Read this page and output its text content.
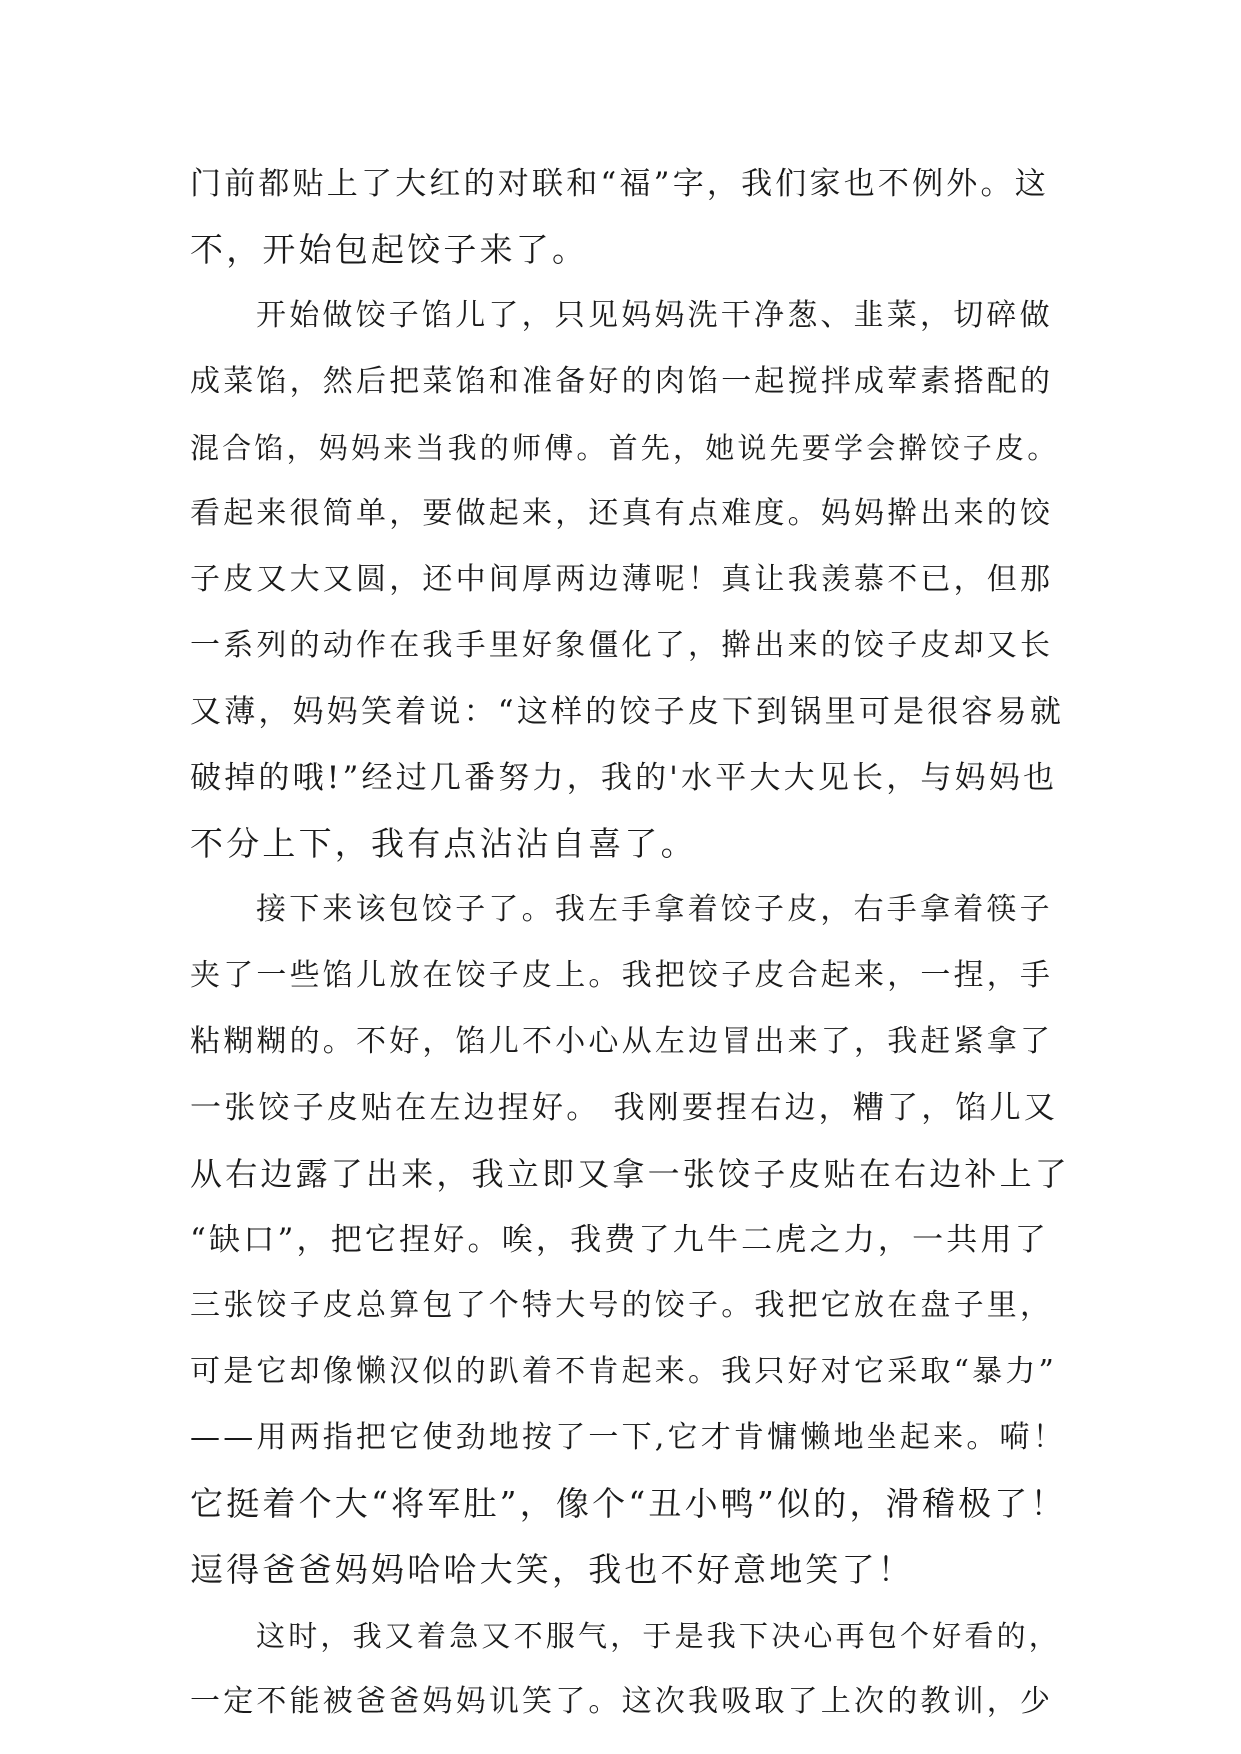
门前都贴上了大红的对联和“福”字，我们家也不例外。这
不，开始包起饺子来了。
开始做饺子馅儿了，只见妈妈洗干净葱、韭菜，切碎做
成菜馅，然后把菜馅和准备好的肉馅一起搅拌成荤素搭配的
混合馅，妈妈来当我的师傅。首先，她说先要学会擀饺子皮。
看起来很简单，要做起来，还真有点难度。妈妈擀出来的饺
子皮又大又圆，还中间厚两边薄呢！真让我羡慕不已，但那
一系列的动作在我手里好象僵化了，擀出来的饺子皮却又长
又薄，妈妈笑着说：“这样的饺子皮下到锅里可是很容易就
破掉的哦!”经过几番努力，我的'水平大大见长，与妈妈也
不分上下，我有点沾沾自喜了。
接下来该包饺子了。我左手拿着饺子皮，右手拿着筷子
夹了一些馅儿放在饺子皮上。我把饺子皮合起来，一捏，手
粘糊糊的。不好，馅儿不小心从左边冒出来了，我赶紧拿了
一张饺子皮贴在左边捏好。 我刚要捏右边，糟了，馅儿又
从右边露了出来，我立即又拿一张饺子皮贴在右边补上了
“缺口”，把它捏好。唉，我费了九牛二虎之力，一共用了
三张饺子皮总算包了个特大号的饺子。我把它放在盘子里，
可是它却像懒汉似的趴着不肯起来。我只好对它采取“暴力”
——用两指把它使劲地按了一下,它才肯慵懒地坐起来。嗬！
它挺着个大“将军肚”，像个“丑小鸭”似的，滑稽极了！
逗得爸爸妈妈哈哈大笑，我也不好意地笑了！
这时，我又着急又不服气，于是我下决心再包个好看的，
一定不能被爸爸妈妈讥笑了。这次我吸取了上次的教训，少
